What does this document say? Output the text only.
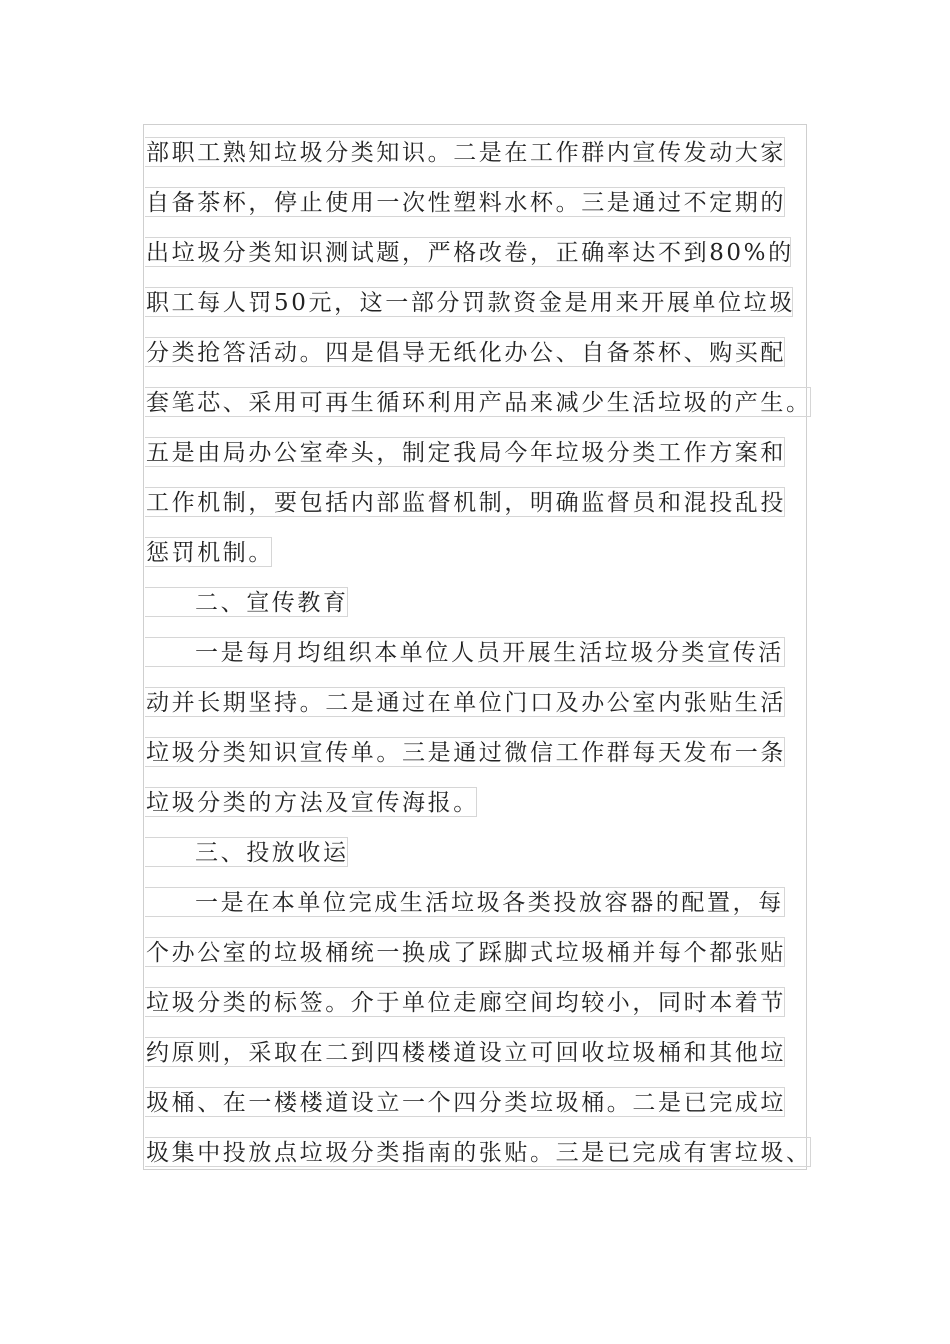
部职工熟知垃圾分类知识。二是在工作群内宣传发动大家
自备茶杯，停止使用一次性塑料水杯。三是通过不定期的
出垃圾分类知识测试题，严格改卷，正确率达不到80%的
职工每人罚50元，这一部分罚款资金是用来开展单位垃圾
分类抢答活动。四是倡导无纸化办公、自备茶杯、购买配
套笔芯、采用可再生循环利用产品来减少生活垃圾的产生。
五是由局办公室牵头，制定我局今年垃圾分类工作方案和
工作机制，要包括内部监督机制，明确监督员和混投乱投
惩罚机制。
二、宣传教育
一是每月均组织本单位人员开展生活垃圾分类宣传活
动并长期坚持。二是通过在单位门口及办公室内张贴生活
垃圾分类知识宣传单。三是通过微信工作群每天发布一条
垃圾分类的方法及宣传海报。
三、投放收运
一是在本单位完成生活垃圾各类投放容器的配置，每
个办公室的垃圾桶统一换成了踩脚式垃圾桶并每个都张贴
垃圾分类的标签。介于单位走廊空间均较小，同时本着节
约原则，采取在二到四楼楼道设立可回收垃圾桶和其他垃
圾桶、在一楼楼道设立一个四分类垃圾桶。二是已完成垃
圾集中投放点垃圾分类指南的张贴。三是已完成有害垃圾、
